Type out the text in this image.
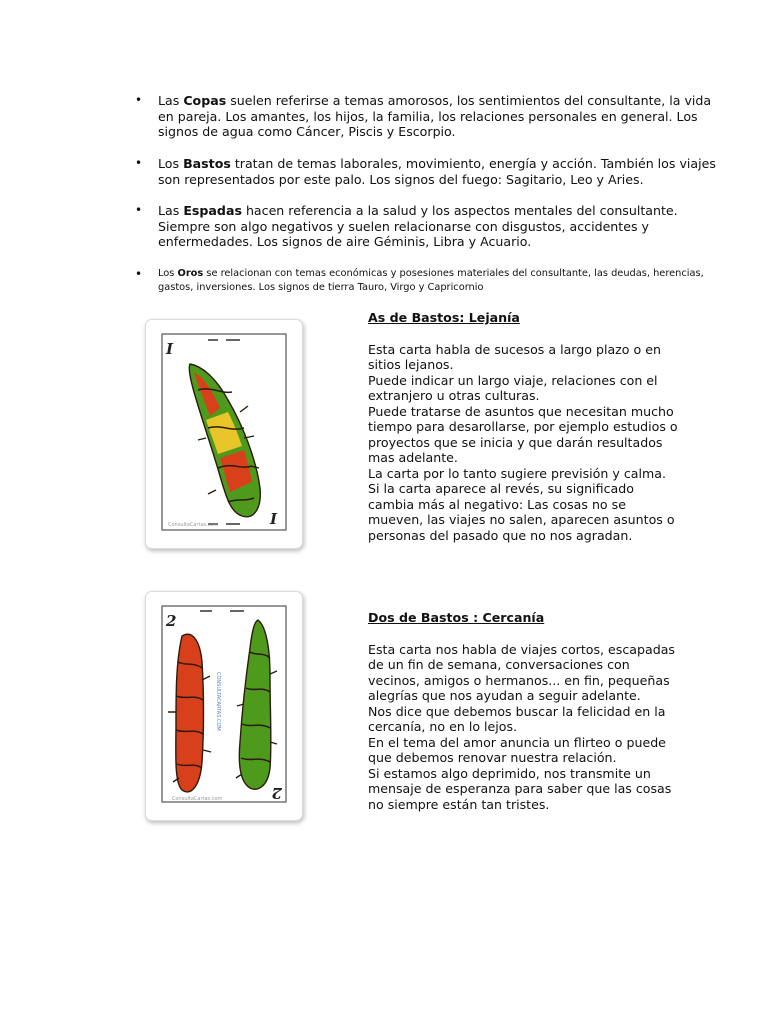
• Las Copas suelen referirse a temas amorosos, los sentimientos del consultante, la vida en pareja. Los amantes, los hijos, la familia, los relaciones personales en general. Los signos de agua como Cáncer, Piscis y Escorpio.
• Los Bastos tratan de temas laborales, movimiento, energía y acción. También los viajes son representados por este palo. Los signos del fuego: Sagitario, Leo y Aries.
• Las Espadas hacen referencia a la salud y los aspectos mentales del consultante. Siempre son algo negativos y suelen relacionarse con disgustos, accidentes y enfermedades. Los signos de aire Géminis, Libra y Acuario.
• Los Oros se relacionan con temas económicas y posesiones materiales del consultante, las deudas, herencias, gastos, inversiones. Los signos de tierra Tauro, Virgo y Capricornio
I
I
ConsultaCartas.com
As de Bastos: Lejanía
Esta carta habla de sucesos a largo plazo o en
sitios lejanos.
Puede indicar un largo viaje, relaciones con el
extranjero u otras culturas.
Puede tratarse de asuntos que necesitan mucho
tiempo para desarollarse, por ejemplo estudios o
proyectos que se inicia y que darán resultados
mas adelante.
La carta por lo tanto sugiere previsión y calma.
Si la carta aparece al revés, su significado
cambia más al negativo: Las cosas no se
mueven, las viajes no salen, aparecen asuntos o
personas del pasado que no nos agradan.
2
2
CONSULTACARTAS.COM
ConsultaCartas.com
Dos de Bastos : Cercanía
Esta carta nos habla de viajes cortos, escapadas
de un fin de semana, conversaciones con
vecinos, amigos o hermanos... en fin, pequeñas
alegrías que nos ayudan a seguir adelante.
Nos dice que debemos buscar la felicidad en la
cercanía, no en lo lejos.
En el tema del amor anuncia un flirteo o puede
que debemos renovar nuestra relación.
Si estamos algo deprimido, nos transmite un
mensaje de esperanza para saber que las cosas
no siempre están tan tristes.
